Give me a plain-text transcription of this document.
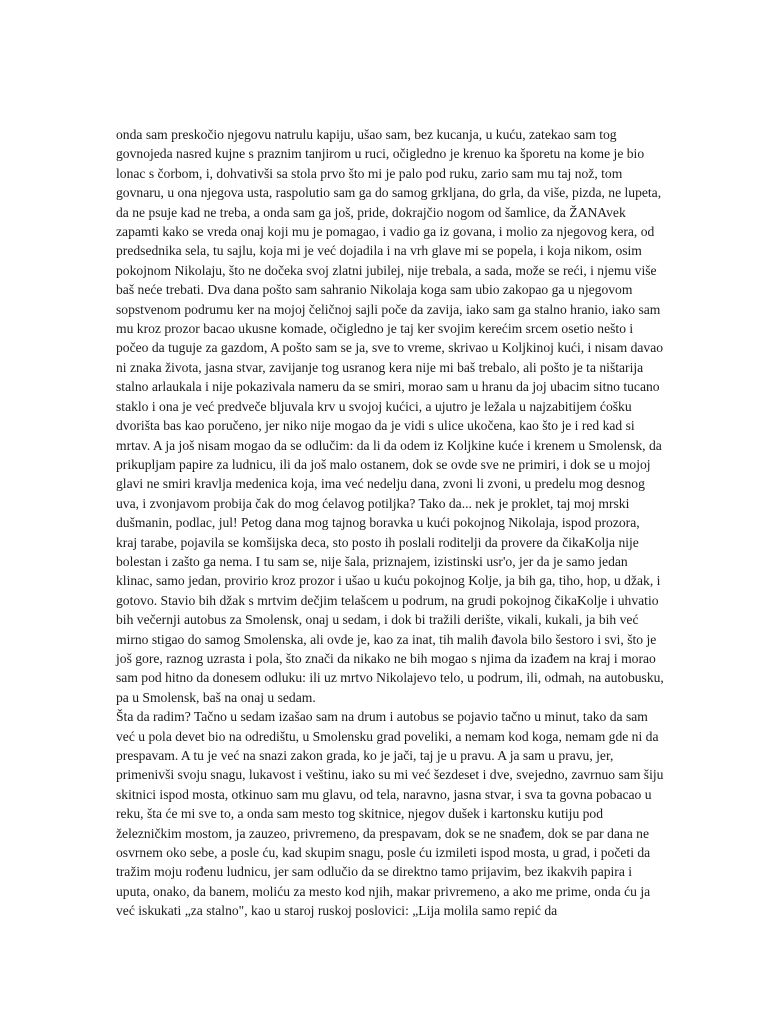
onda sam preskočio njegovu natrulu kapiju, ušao sam, bez kucanja, u kuću, zatekao sam tog govnojeda nasred kujne s praznim tanjirom u ruci, očigledno je krenuo ka šporetu na kome je bio lonac s čorbom, i, dohvativši sa stola prvo što mi je palo pod ruku, zario sam mu taj nož, tom govnaru, u ona njegova usta, raspolutio sam ga do samog grkljana, do grla, da više, pizda, ne lupeta, da ne psuje kad ne treba, a onda sam ga još, pride, dokrajčio nogom od šamlice, da ŽANAvek zapamti kako se vreda onaj koji mu je pomagao, i vadio ga iz govana, i molio za njegovog kera, od predsednika sela, tu sajlu, koja mi je već dojadila i na vrh glave mi se popela, i koja nikom, osim pokojnom Nikolaju, što ne dočeka svoj zlatni jubilej, nije trebala, a sada, može se reći, i njemu više baš neće trebati. Dva dana pošto sam sahranio Nikolaja koga sam ubio zakopao ga u njegovom sopstvenom podrumu ker na mojoj čeličnoj sajli poče da zavija, iako sam ga stalno hranio, iako sam mu kroz prozor bacao ukusne komade, očigledno je taj ker svojim kerećim srcem osetio nešto i počeo da tuguje za gazdom, A pošto sam se ja, sve to vreme, skrivao u Koljkinoj kući, i nisam davao ni znaka života, jasna stvar, zavijanje tog usranog kera nije mi baš trebalo, ali pošto je ta ništarija stalno arlaukala i nije pokazivala nameru da se smiri, morao sam u hranu da joj ubacim sitno tucano staklo i ona je već predveče bljuvala krv u svojoj kućici, a ujutro je ležala u najzabitijem ćošku dvorišta bas kao poručeno, jer niko nije mogao da je vidi s ulice ukočena, kao što je i red kad si mrtav. A ja još nisam mogao da se odlučim: da li da odem iz Koljkine kuće i krenem u Smolensk, da prikupljam papire za ludnicu, ili da još malo ostanem, dok se ovde sve ne primiri, i dok se u mojoj glavi ne smiri kravlja medenica koja, ima već nedelju dana, zvoni li zvoni, u predelu mog desnog uva, i zvonjavom probija čak do mog ćelavog potiljka? Tako da... nek je proklet, taj moj mrski dušmanin, podlac, jul! Petog dana mog tajnog boravka u kući pokojnog Nikolaja, ispod prozora, kraj tarabe, pojavila se komšijska deca, sto posto ih poslali roditelji da provere da čikaKolja nije bolestan i zašto ga nema. I tu sam se, nije šala, priznajem, izistinski usr'o, jer da je samo jedan klinac, samo jedan, provirio kroz prozor i ušao u kuću pokojnog Kolje, ja bih ga, tiho, hop, u džak, i gotovo. Stavio bih džak s mrtvim dečjim telašcem u podrum, na grudi pokojnog čikaKolje i uhvatio bih večernji autobus za Smolensk, onaj u sedam, i dok bi tražili derište, vikali, kukali, ja bih već mirno stigao do samog Smolenska, ali ovde je, kao za inat, tih malih đavola bilo šestoro i svi, što je još gore, raznog uzrasta i pola, što znači da nikako ne bih mogao s njima da izađem na kraj i morao sam pod hitno da donesem odluku: ili uz mrtvo Nikolajevo telo, u podrum, ili, odmah, na autobusku, pa u Smolensk, baš na onaj u sedam.

Šta da radim? Tačno u sedam izašao sam na drum i autobus se pojavio tačno u minut, tako da sam već u pola devet bio na odredištu, u Smolensku grad poveliki, a nemam kod koga, nemam gde ni da prespavam. A tu je već na snazi zakon grada, ko je jači, taj je u pravu. A ja sam u pravu, jer, primenivši svoju snagu, lukavost i veštinu, iako su mi već šezdeset i dve, svejedno, zavrnuo sam šiju skitnici ispod mosta, otkinuo sam mu glavu, od tela, naravno, jasna stvar, i sva ta govna pobacao u reku, šta će mi sve to, a onda sam mesto tog skitnice, njegov dušek i kartonsku kutiju pod železničkim mostom, ja zauzeo, privremeno, da prespavam, dok se ne snađem, dok se par dana ne osvrnem oko sebe, a posle ću, kad skupim snagu, posle ću izmileti ispod mosta, u grad, i početi da tražim moju rođenu ludnicu, jer sam odlučio da se direktno tamo prijavim, bez ikakvih papira i uputa, onako, da banem, moliću za mesto kod njih, makar privremeno, a ako me prime, onda ću ja već iskukati „za stalno", kao u staroj ruskoj poslovici: „Lija molila samo repić da
